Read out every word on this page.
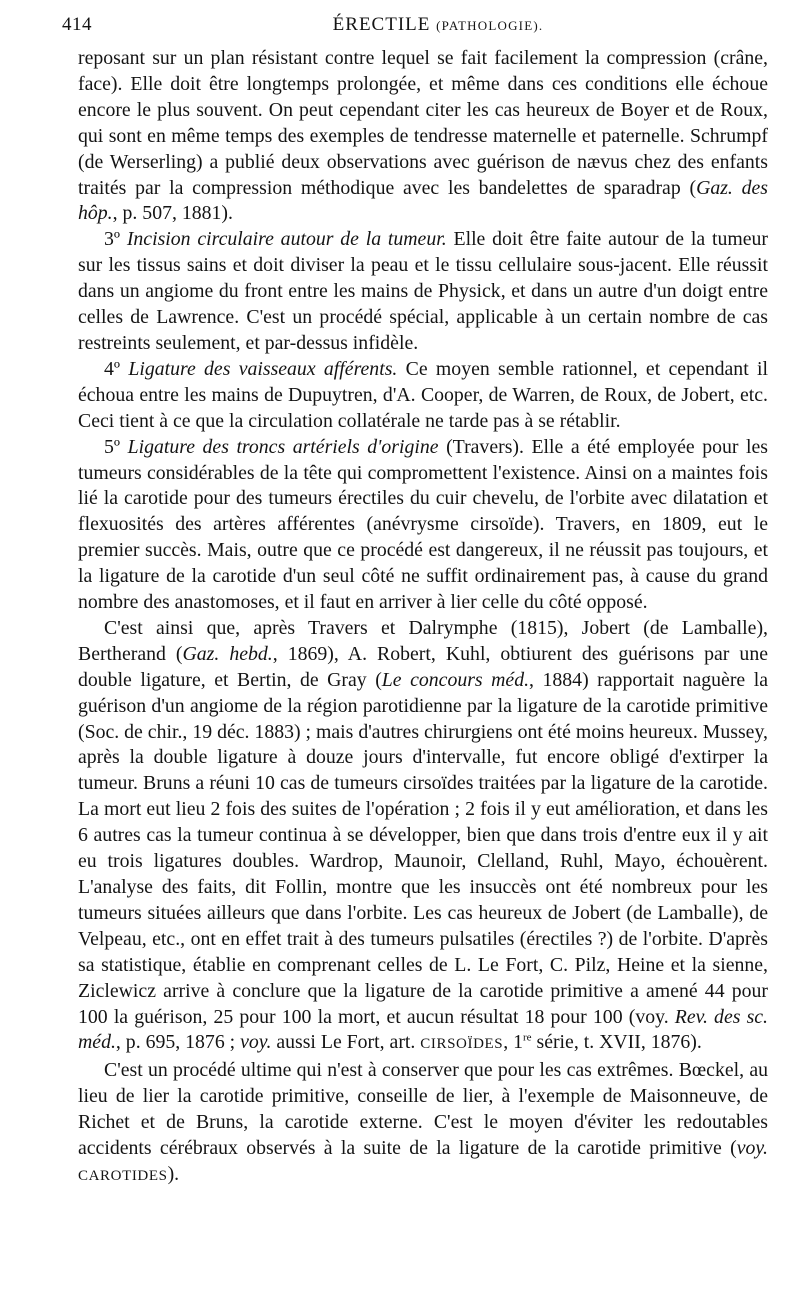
414	ÉRECTILE (PATHOLOGIE).

reposant sur un plan résistant contre lequel se fait facilement la compression (crâne, face). Elle doit être longtemps prolongée, et même dans ces conditions elle échoue encore le plus souvent. On peut cependant citer les cas heureux de Boyer et de Roux, qui sont en même temps des exemples de tendresse maternelle et paternelle. Schrumpf (de Werserling) a publié deux observations avec guérison de nævus chez des enfants traités par la compression méthodique avec les bandelettes de sparadrap (Gaz. des hôp., p. 507, 1881).

3º Incision circulaire autour de la tumeur. Elle doit être faite autour de la tumeur sur les tissus sains et doit diviser la peau et le tissu cellulaire sous-jacent. Elle réussit dans un angiome du front entre les mains de Physick, et dans un autre d'un doigt entre celles de Lawrence. C'est un procédé spécial, applicable à un certain nombre de cas restreints seulement, et par-dessus infidèle.

4º Ligature des vaisseaux afférents. Ce moyen semble rationnel, et cependant il échoua entre les mains de Dupuytren, d'A. Cooper, de Warren, de Roux, de Jobert, etc. Ceci tient à ce que la circulation collatérale ne tarde pas à se rétablir.

5º Ligature des troncs artériels d'origine (Travers). Elle a été employée pour les tumeurs considérables de la tête qui compromettent l'existence. Ainsi on a maintes fois lié la carotide pour des tumeurs érectiles du cuir chevelu, de l'orbite avec dilatation et flexuosités des artères afférentes (anévrysme cirsoïde). Travers, en 1809, eut le premier succès. Mais, outre que ce procédé est dangereux, il ne réussit pas toujours, et la ligature de la carotide d'un seul côté ne suffit ordinairement pas, à cause du grand nombre des anastomoses, et il faut en arriver à lier celle du côté opposé.

C'est ainsi que, après Travers et Dalrymphe (1815), Jobert (de Lamballe), Bertherand (Gaz. hebd., 1869), A. Robert, Kuhl, obtiurent des guérisons par une double ligature, et Bertin, de Gray (Le concours méd., 1884) rapportait naguère la guérison d'un angiome de la région parotidienne par la ligature de la carotide primitive (Soc. de chir., 19 déc. 1883) ; mais d'autres chirurgiens ont été moins heureux. Mussey, après la double ligature à douze jours d'intervalle, fut encore obligé d'extirper la tumeur. Bruns a réuni 10 cas de tumeurs cirsoïdes traitées par la ligature de la carotide. La mort eut lieu 2 fois des suites de l'opération ; 2 fois il y eut amélioration, et dans les 6 autres cas la tumeur continua à se développer, bien que dans trois d'entre eux il y ait eu trois ligatures doubles. Wardrop, Maunoir, Clelland, Ruhl, Mayo, échouèrent. L'analyse des faits, dit Follin, montre que les insuccès ont été nombreux pour les tumeurs situées ailleurs que dans l'orbite. Les cas heureux de Jobert (de Lamballe), de Velpeau, etc., ont en effet trait à des tumeurs pulsatiles (érectiles ?) de l'orbite. D'après sa statistique, établie en comprenant celles de L. Le Fort, C. Pilz, Heine et la sienne, Ziclewicz arrive à conclure que la ligature de la carotide primitive a amené 44 pour 100 la guérison, 25 pour 100 la mort, et aucun résultat 18 pour 100 (voy. Rev. des sc. méd., p. 695, 1876 ; voy. aussi Le Fort, art. CIRSOÏDES, 1re série, t. XVII, 1876).

C'est un procédé ultime qui n'est à conserver que pour les cas extrêmes. Bœckel, au lieu de lier la carotide primitive, conseille de lier, à l'exemple de Maisonneuve, de Richet et de Bruns, la carotide externe. C'est le moyen d'éviter les redoutables accidents cérébraux observés à la suite de la ligature de la carotide primitive (voy. CAROTIDES).
